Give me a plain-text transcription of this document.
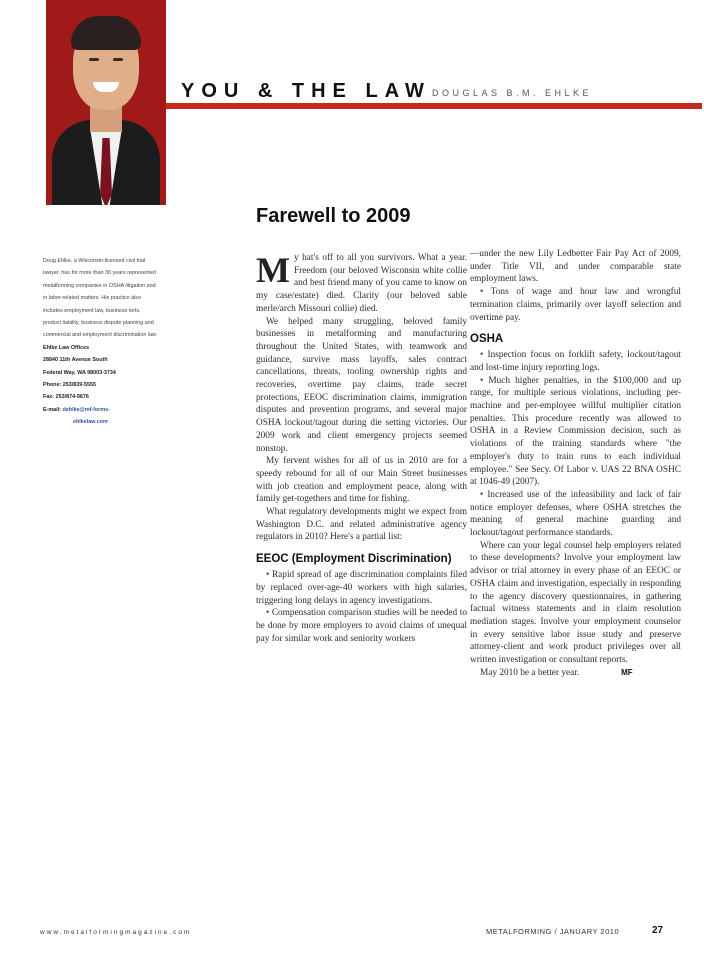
YOU & THE LAW DOUGLAS B.M. EHLKE
Farewell to 2009

Doug Ehlke, a Wisconsin-licensed civil trial lawyer, has for more than 30 years represented metalforming companies in OSHA litigation and in labor-related matters. His practice also includes employment law, business torts, product liability, business dispute planning and commercial and employment discrimination law.

Ehlke Law Offices

28840 11th Avenue South

Federal Way, WA 98003-3734

Phone: 253/839-5555

Fax: 253/874-9676

E-mail: dehlke@mf-forms-

ehlkelaw.com

My hat's off to all you survivors. What a year. Freedom (our beloved Wisconsin white collie and best friend many of you came to know on my case/estate) died. Clarity (our beloved sable merle/arch Missouri collie) died.

We helped many struggling, beloved family businesses in metalforming and manufacturing throughout the United States, with teamwork and guidance, survive mass layoffs, sales contract cancellations, threats, tooling ownership rights and recoveries, overtime pay claims, trade secret protections, EEOC discrimination claims, immigration disputes and prevention programs, and several major OSHA lockout/tagout during die setting victories. Our 2009 work and client emergency projects seemed nonstop.

My fervent wishes for all of us in 2010 are for a speedy rebound for all of our Main Street businesses with job creation and employment peace, along with family get-togethers and time for fishing.

What regulatory developments might we expect from Washington D.C. and related administrative agency regulators in 2010? Here's a partial list:

EEOC (Employment Discrimination)

• Rapid spread of age discrimination complaints filed by replaced over-age-40 workers with high salaries, triggering long delays in agency investigations.

• Compensation comparison studies will be needed to be done by more employers to avoid claims of unequal pay for similar work and seniority workers

—under the new Lily Ledbetter Fair Pay Act of 2009, under Title VII, and under comparable state employment laws.

• Tons of wage and hour law and wrongful termination claims, primarily over layoff selection and overtime pay.

OSHA

• Inspection focus on forklift safety, lockout/tagout and lost-time injury reporting logs.

• Much higher penalties, in the $100,000 and up range, for multiple serious violations, including per-machine and per-employee willful multiplier citation penalties. This procedure recently was allowed to OSHA in a Review Commission decision, such as violations of the training standards where "the employer's duty to train runs to each individual employee." See Secy. Of Labor v. UAS 22 BNA OSHC at 1046-49 (2007).

• Increased use of the infeasibility and lack of fair notice employer defenses, where OSHA stretches the meaning of general machine guarding and lockout/tagout performance standards.

Where can your legal counsel help employers related to these developments? Involve your employment law advisor or trial attorney in every phase of an EEOC or OSHA claim and investigation, especially in responding to the agency discovery questionnaires, in gathering factual witness statements and in claim resolution mediation stages. Involve your employment counselor in every sensitive labor issue study and preserve attorney-client and work product privileges over all written investigation or consultant reports.

May 2010 be a better year.	MF

www.metalformingmagazine.com	METALFORMING / JANUARY 2010	27
